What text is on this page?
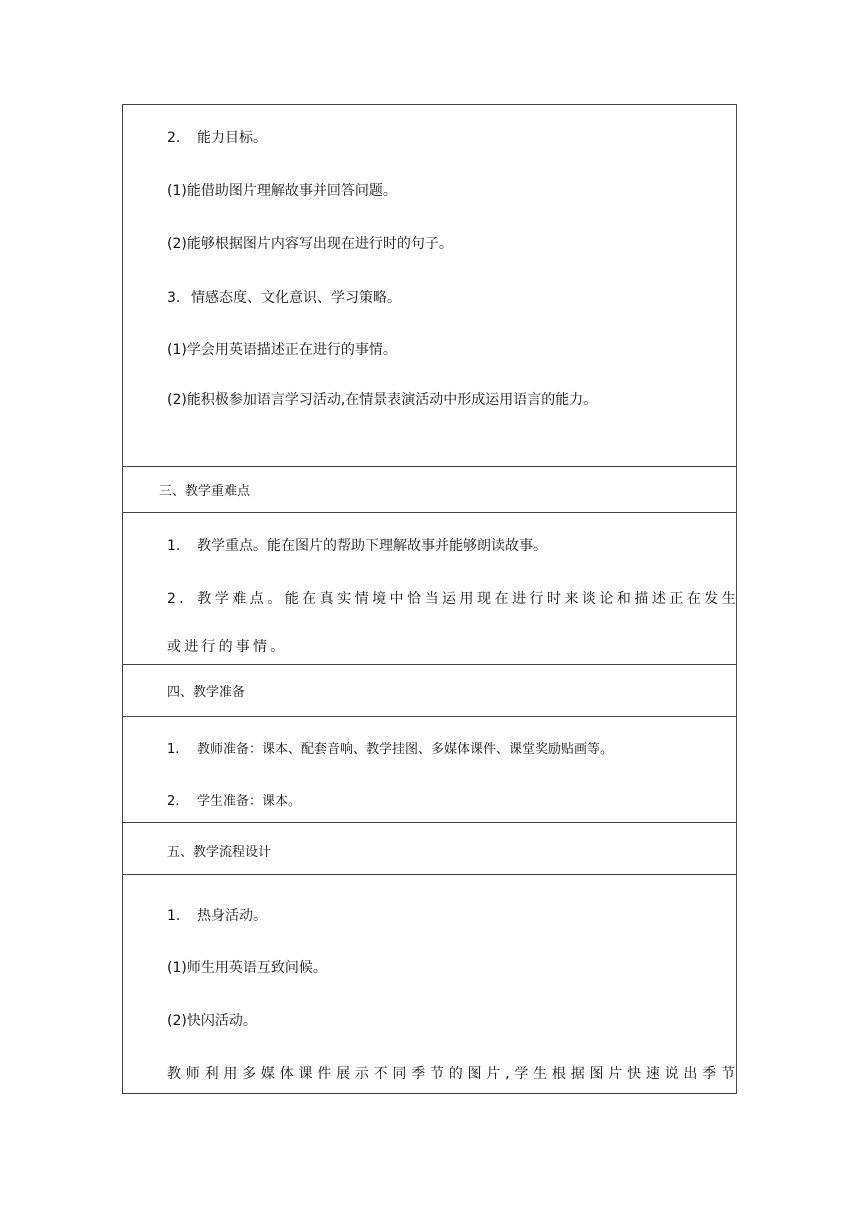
2. 能力目标。
(1)能借助图片理解故事并回答问题。
(2)能够根据图片内容写出现在进行时的句子。
3. 情感态度、文化意识、学习策略。
(1)学会用英语描述正在进行的事情。
(2)能积极参加语言学习活动,在情景表演活动中形成运用语言的能力。
三、教学重难点
1. 教学重点。能在图片的帮助下理解故事并能够朗读故事。
2. 教学难点。能在真实情境中恰当运用现在进行时来谈论和描述正在发生或进行的事情。
四、教学准备
1. 教师准备：课本、配套音响、教学挂图、多媒体课件、课堂奖励贴画等。
2. 学生准备：课本。
五、教学流程设计
1. 热身活动。
(1)师生用英语互致问候。
(2)快闪活动。
教师利用多媒体课件展示不同季节的图片,学生根据图片快速说出季节
